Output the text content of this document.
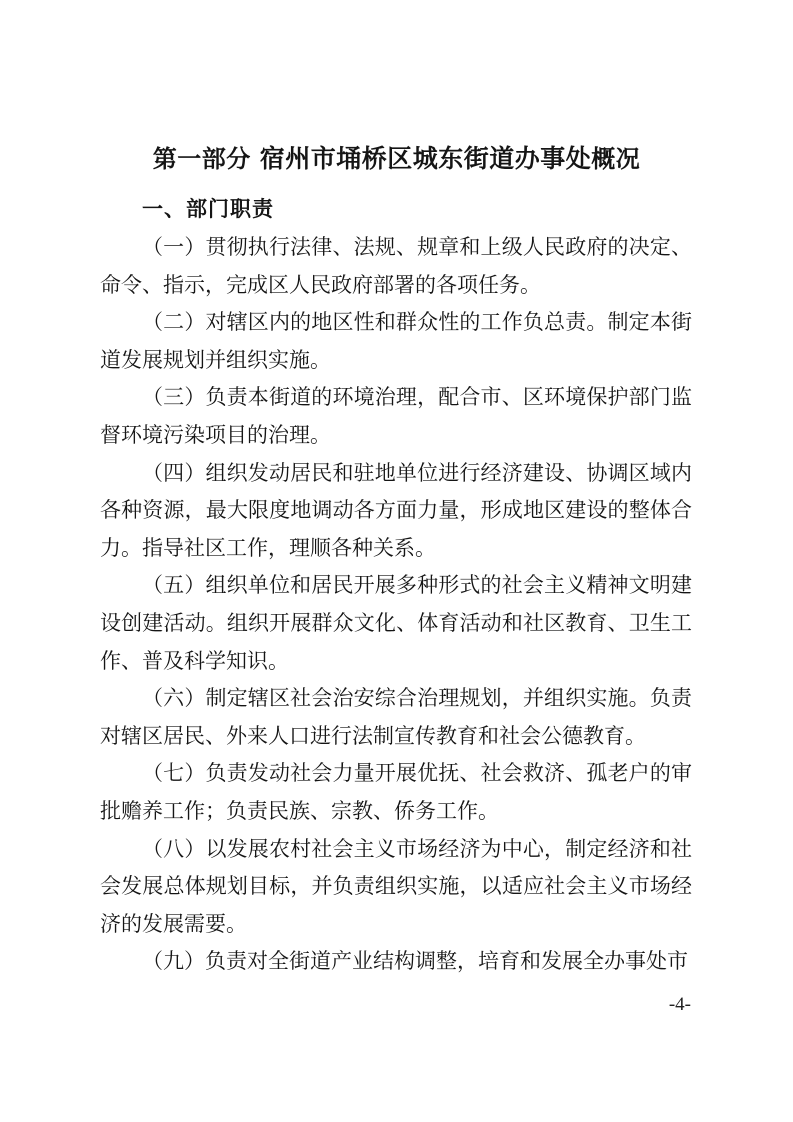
第一部分 宿州市埇桥区城东街道办事处概况
一、部门职责

（一）贯彻执行法律、法规、规章和上级人民政府的决定、命令、指示，完成区人民政府部署的各项任务。

（二）对辖区内的地区性和群众性的工作负总责。制定本街道发展规划并组织实施。

（三）负责本街道的环境治理，配合市、区环境保护部门监督环境污染项目的治理。

（四）组织发动居民和驻地单位进行经济建设、协调区域内各种资源，最大限度地调动各方面力量，形成地区建设的整体合力。指导社区工作，理顺各种关系。

（五）组织单位和居民开展多种形式的社会主义精神文明建设创建活动。组织开展群众文化、体育活动和社区教育、卫生工作、普及科学知识。

（六）制定辖区社会治安综合治理规划，并组织实施。负责对辖区居民、外来人口进行法制宣传教育和社会公德教育。

（七）负责发动社会力量开展优抚、社会救济、孤老户的审批赡养工作；负责民族、宗教、侨务工作。

（八）以发展农村社会主义市场经济为中心，制定经济和社会发展总体规划目标，并负责组织实施，以适应社会主义市场经济的发展需要。

（九）负责对全街道产业结构调整，培育和发展全办事处市

-4-
